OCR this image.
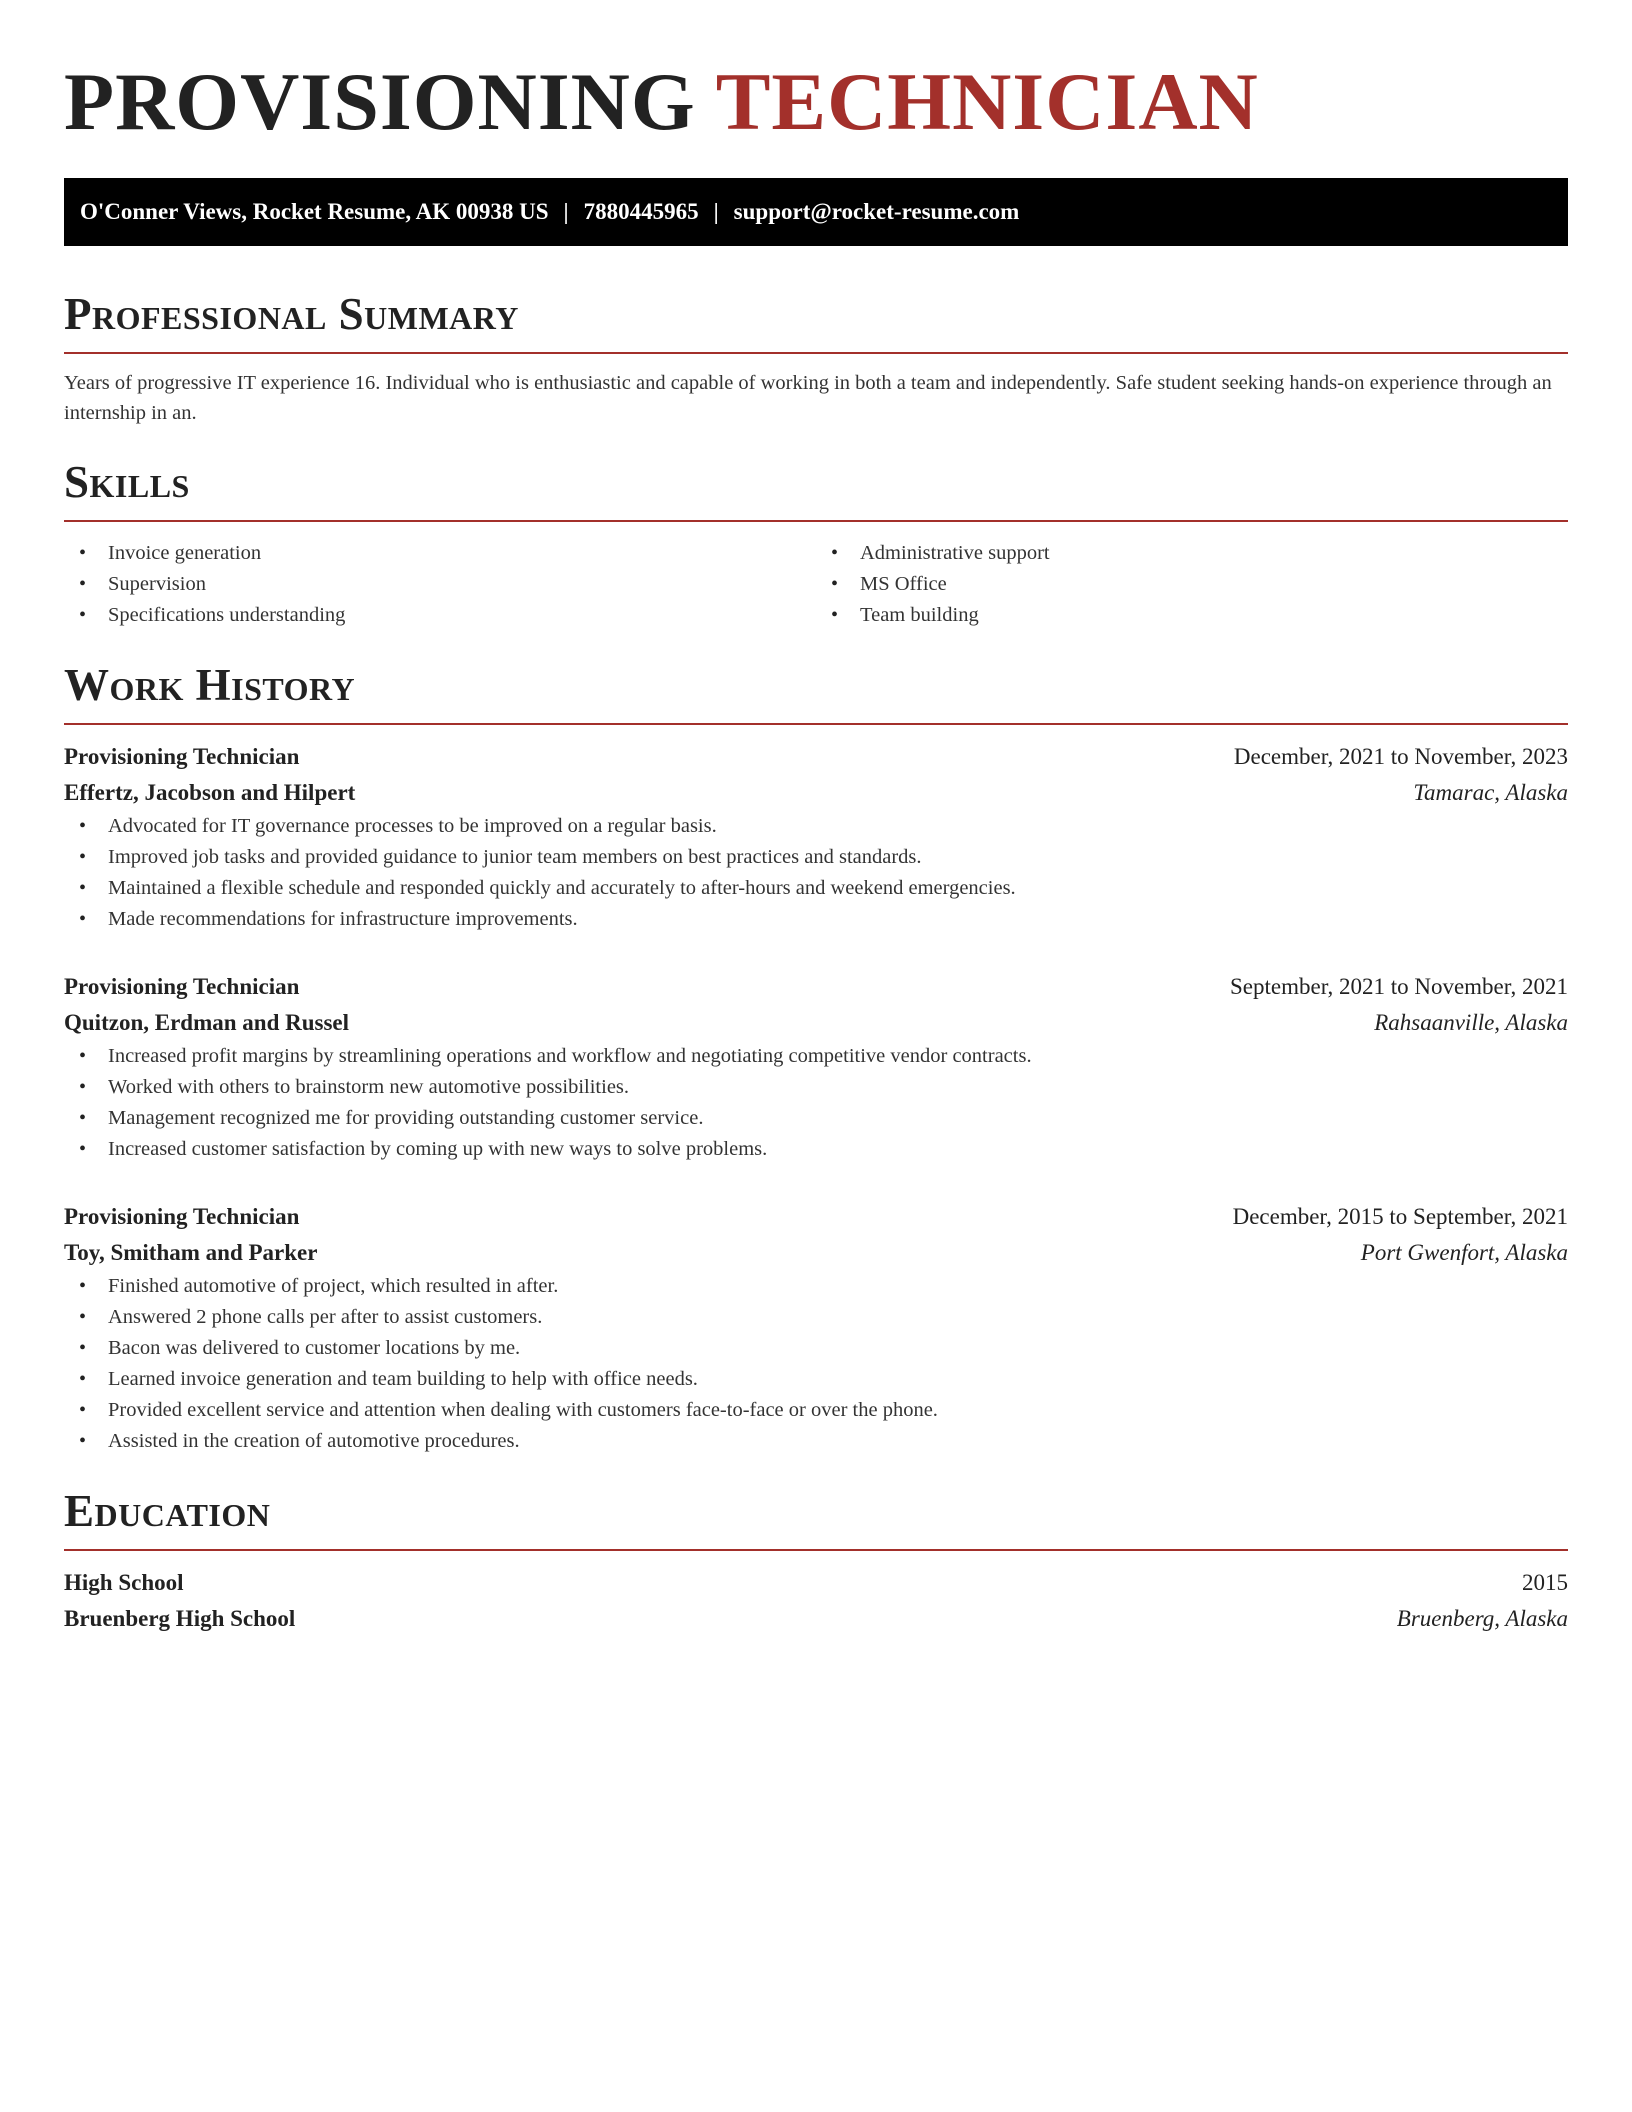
PROVISIONING TECHNICIAN
O'Conner Views, Rocket Resume, AK 00938 US | 7880445965 | support@rocket-resume.com
Professional Summary

Years of progressive IT experience 16. Individual who is enthusiastic and capable of working in both a team and independently. Safe student seeking hands-on experience through an internship in an.

Skills
• Invoice generation
• Supervision
• Specifications understanding
• Administrative support
• MS Office
• Team building
Work History
Provisioning Technician	December, 2021 to November, 2023
Effertz, Jacobson and Hilpert	Tamarac, Alaska
• Advocated for IT governance processes to be improved on a regular basis.
• Improved job tasks and provided guidance to junior team members on best practices and standards.
• Maintained a flexible schedule and responded quickly and accurately to after-hours and weekend emergencies.
• Made recommendations for infrastructure improvements.
Provisioning Technician	September, 2021 to November, 2021
Quitzon, Erdman and Russel	Rahsaanville, Alaska
• Increased profit margins by streamlining operations and workflow and negotiating competitive vendor contracts.
• Worked with others to brainstorm new automotive possibilities.
• Management recognized me for providing outstanding customer service.
• Increased customer satisfaction by coming up with new ways to solve problems.
Provisioning Technician	December, 2015 to September, 2021
Toy, Smitham and Parker	Port Gwenfort, Alaska
• Finished automotive of project, which resulted in after.
• Answered 2 phone calls per after to assist customers.
• Bacon was delivered to customer locations by me.
• Learned invoice generation and team building to help with office needs.
• Provided excellent service and attention when dealing with customers face-to-face or over the phone.
• Assisted in the creation of automotive procedures.
Education
High School	2015
Bruenberg High School	Bruenberg, Alaska
